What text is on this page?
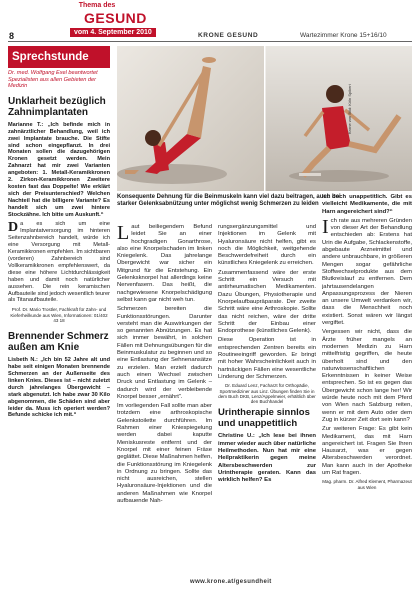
8
Thema des
GESUND
vom 4. September 2010	KRONE GESUND	Wartezimmer Krone 15+16/10
Sprechstunde
Dr. med. Wolfgang Exel beantwortet Spezialisten aus allen Gebieten der Medizin
Unklarheit bezüglich Zahnimplantaten
Marianne T.: „Ich befinde mich in zahnärztlicher Behandlung, weil ich zwei Implantate brauche. Die Stifte sind schon eingepflanzt. In drei Monaten sollen die dazugehörigen Kronen gesetzt werden. Mein Zahnarzt hat mir zwei Varianten angeboten: 1. Metall-Keramikkronen 2. Zirkon-Keramikkronen Zweitere kosten fast das Doppelte! Wie erklärt sich der Preisunterschied? Welchen Nachteil hat die billigere Variante? Es handelt sich um zwei hintere Stockzähne. Ich bitte um Auskunft.“
Da es sich um eine Implantatversorgung im hinteren Seitenzahnbereich handelt, würde ich eine Versorgung mit Metall-Keramikkronen empfehlen. Im sichtbaren (vorderen) Zahnbereich sind Vollkeramikkronen empfehlenswert, da diese eine höhere Lichtdurchlässigkeit haben und damit noch natürlicher aussehen. Die rein keramischen Aufbauteile sind jedoch wesentlich teurer als Titanaufbauteile.
Prof. Dr. Mario Trostler, Fachkraft für Zahn- und Kieferheilkunde aus Wien, Informationen: 01/402 43 18
Brennender Schmerz außen am Knie
Lisbeth N.: „Ich bin 52 Jahre alt und habe seit einigen Monaten brennende Schmerzen an der Außenseite des linken Knies. Dieses ist – nicht zuletzt durch jahrelanges Übergewicht – stark abgenutzt. Ich habe zwar 30 Kilo abgenommen, die Schäden sind aber leider da. Muss ich operiert werden? Befunde schicke ich mit.“
Krone von Bild: Köln Spikeri
Konsequente Dehnung für die Beinmuskeln kann viel dazu beitragen, auch bei starker Gelenksabnützung unter möglichst wenig Schmerzen zu leiden

Laut beiliegendem Befund leidet Sie an einer hochgradigen Gonarthrose, also eine Knorpelschaden im linken Kniegelenk. Das jahrelange Übergewicht war sicher ein Mitgrund für die Entstehung. Ein Gelenksknorpel hat allerdings keine Nervenfasern. Das heißt, die nachgewiesene Knorpelschädigung selbst kann gar nicht weh tun.

Schmerzen bereiten die Funktionsstörungen. Darunter versteht man die Auswirkungen der so genannten Abnützungen. Es hat sich immer bewährt, in solchen Fällen mit Dehnungsübungen für die Beinmuskulatur zu beginnen und so eine Entlastung der Sehnenansätze zu erzielen. Man erzielt dadurch auch einen Wechsel zwischen Druck und Entlastung im Gelenk – dadurch wird der verbleibende Knorpel besser „ernährt“.

Im vorliegenden Fall sollte man aber trotzdem eine arthroskopische Gelenkstoilette durchführen. Im Rahmen einer Kniespiegelung werden dabei kaputte Meniskusreste entfernt und der Knorpel mit einer feinen Fräse geglättet. Diese Maßnahmen helfen, die Funktionsstörung im Kniegelenk in Ordnung zu bringen. Sollte das nicht ausreichen, stellen Hyaluronsäure-Injektionen und die anderen Maßnahmen wie Knorpel aufbauende Nah-

rungsergänzungsmittel und Injektionen im Gelenk mit Hyaluronsäure nicht helfen, gibt es noch die Möglichkeit, weitgehende Beschwerdefreiheit durch ein künstliches Kniegelenk zu erreichen.

Zusammenfassend wäre der erste Schritt ein Versuch mit antirheumatischen Medikamenten. Dazu Übungen, Physiotherapie und Knorpelaufbaupräparate. Der zweite Schritt wäre eine Arthroskopie. Sollte das nicht reichen, wäre der dritte Schritt der Einbau einer Endoprothese (künstliches Gelenk).

Diese Operation ist in entsprechenden Zentren bereits ein Routineeingriff geworden. Er bringt mit hoher Wahrscheinlichkeit auch in hartnäckigen Fällen eine wesentliche Linderung der Schmerzen.

Dr. Eduard Lenz, Facharzt für Orthopädie, Sportmediziner aus Linz. Übungen finden Sie in dem Buch DKB, Lenz/Appelmeier, erhältlich über den Buchhandel
Urintherapie sinnlos und unappetitlich

Christine U.: „Ich lese bei ihnen immer wieder auch über natürliche Heilmethoden. Nun hat mir eine Heilpraktikerin gegen meine Altersbeschwerden zur Urintherapie geraten. Kann das wirklich helfen? Es

ist doch unappetitlich. Gibt es vielleicht Medikamente, die mit Harn angereichert sind?“

Ich rate aus mehreren Gründen von dieser Art der Behandlung entschieden ab: Erstens hat Urin die Aufgabe, Schlackenstoffe, abgebaute Arzneimittel und andere unbrauchbare, in größeren Mengen sogar gefährliche Stoffwechselprodukte aus dem Blutkreislauf zu entfernen. Dem jahrtausendelangen Anpassungsprozess der Nieren an unsere Umwelt verdanken wir, dass die Menschheit noch existiert. Sonst wären wir längst vergiftet.

Vergessen wir nicht, dass die Ärzte früher mangels an modernen Medizin zu Harn mittelfristig gegriffen, die heute überholt sind und den naturwissenschaftlichen Erkenntnissen in keiner Weise entsprechen. So ist es gegen das Übergewicht schon lange her! Wir würde heute noch mit dem Pferd von Wien nach Salzburg reiten, wenn er mit dem Auto oder dem Zug in kürzer Zeit dort sein kann?

Zur weiteren Frage: Es gibt kein Medikament, das mit Harn angereichert ist. Fragen Sie Ihren Hausarzt, was er gegen Altersbeschwerden verordnet. Man kann auch in der Apotheke um Rat fragen.

Mag. pharm. Dr. Alfred Klement, Pharmazeut aus Wien
www.krone.at/gesundheit
